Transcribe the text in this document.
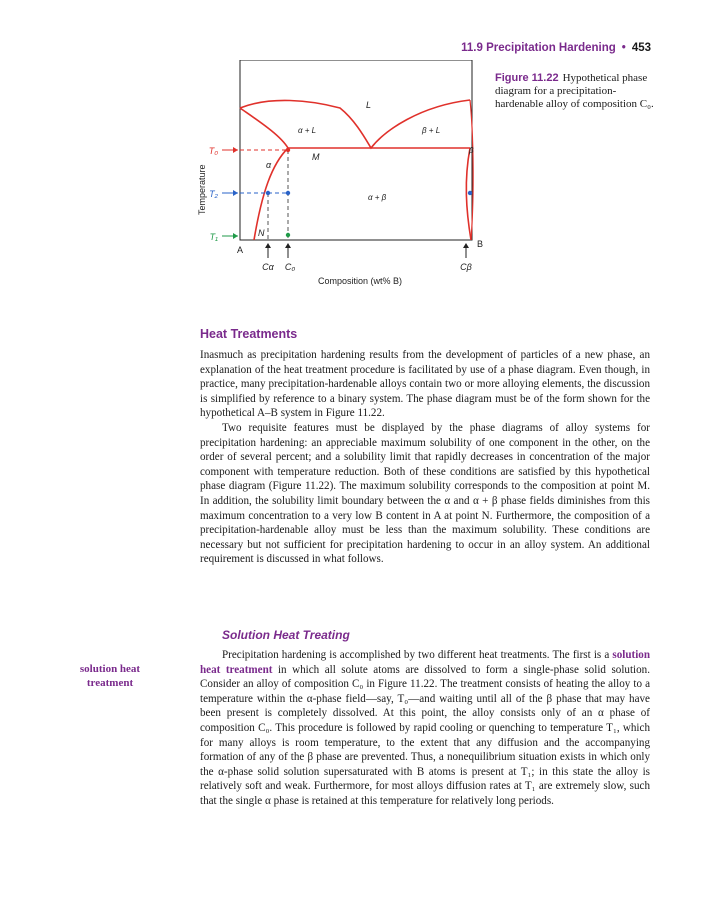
11.9 Precipitation Hardening • 453
Temperature
T₀
T₂
T₁
L
α + L	β + L
α
α + β
β
M
N
A
B
Cα C₀	Cβ
Composition (wt% B)
Figure 11.22 Hypothetical phase diagram for a precipitation-hardenable alloy of composition C₀.
Heat Treatments

Inasmuch as precipitation hardening results from the development of particles of a new phase, an explanation of the heat treatment procedure is facilitated by use of a phase diagram. Even though, in practice, many precipitation-hardenable alloys contain two or more alloying elements, the discussion is simplified by reference to a binary system. The phase diagram must be of the form shown for the hypothetical A–B system in Figure 11.22.

Two requisite features must be displayed by the phase diagrams of alloy systems for precipitation hardening: an appreciable maximum solubility of one component in the other, on the order of several percent; and a solubility limit that rapidly decreases in concentration of the major component with temperature reduction. Both of these conditions are satisfied by this hypothetical phase diagram (Figure 11.22). The maximum solubility corresponds to the composition at point M. In addition, the solubility limit boundary between the α and α + β phase fields diminishes from this maximum concentration to a very low B content in A at point N. Furthermore, the composition of a precipitation-hardenable alloy must be less than the maximum solubility. These conditions are necessary but not sufficient for precipitation hardening to occur in an alloy system. An additional requirement is discussed in what follows.

Solution Heat Treating
solution heat treatment

Precipitation hardening is accomplished by two different heat treatments. The first is a solution heat treatment in which all solute atoms are dissolved to form a single-phase solid solution. Consider an alloy of composition C₀ in Figure 11.22. The treatment consists of heating the alloy to a temperature within the α-phase field—say, T₀—and waiting until all of the β phase that may have been present is completely dissolved. At this point, the alloy consists only of an α phase of composition C₀. This procedure is followed by rapid cooling or quenching to temperature T₁, which for many alloys is room temperature, to the extent that any diffusion and the accompanying formation of any of the β phase are prevented. Thus, a nonequilibrium situation exists in which only the α-phase solid solution supersaturated with B atoms is present at T₁; in this state the alloy is relatively soft and weak. Furthermore, for most alloys diffusion rates at T₁ are extremely slow, such that the single α phase is retained at this temperature for relatively long periods.
